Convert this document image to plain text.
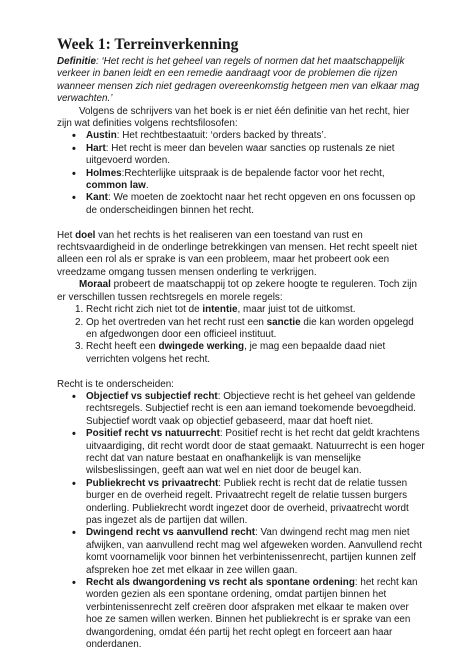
Week 1: Terreinverkenning

Definitie: ‘Het recht is het geheel van regels of normen dat het maatschappelijk verkeer in banen leidt en een remedie aandraagt voor de problemen die rijzen wanneer mensen zich niet gedragen overeenkomstig hetgeen men van elkaar mag verwachten.’

Volgens de schrijvers van het boek is er niet één definitie van het recht, hier zijn wat definities volgens rechtsfilosofen:

• Austin: Het rechtbestaatuit: ‘orders backed by threats’.
• Hart: Het recht is meer dan bevelen waar sancties op rustenals ze niet uitgevoerd worden.
• Holmes:Rechterlijke uitspraak is de bepalende factor voor het recht, common law.
• Kant: We moeten de zoektocht naar het recht opgeven en ons focussen op de onderscheidingen binnen het recht.

Het doel van het rechts is het realiseren van een toestand van rust en rechtsvaardigheid in de onderlinge betrekkingen van mensen. Het recht speelt niet alleen een rol als er sprake is van een probleem, maar het probeert ook een vreedzame omgang tussen mensen onderling te verkrijgen.

Moraal probeert de maatschappij tot op zekere hoogte te reguleren. Toch zijn er verschillen tussen rechtsregels en morele regels:

1. Recht richt zich niet tot de intentie, maar juist tot de uitkomst.
2. Op het overtreden van het recht rust een sanctie die kan worden opgelegd en afgedwongen door een officieel instituut.
3. Recht heeft een dwingede werking, je mag een bepaalde daad niet verrichten volgens het recht.

Recht is te onderscheiden:

• Objectief vs subjectief recht: Objectieve recht is het geheel van geldende rechtsregels. Subjectief recht is een aan iemand toekomende bevoegdheid. Subjectief wordt vaak op objectief gebaseerd, maar dat hoeft niet.
• Positief recht vs natuurrecht: Positief recht is het recht dat geldt krachtens uitvaardiging, dit recht wordt door de staat gemaakt. Natuurrecht is een hoger recht dat van nature bestaat en onafhankelijk is van menselijke wilsbeslissingen, geeft aan wat wel en niet door de beugel kan.
• Publiekrecht vs privaatrecht: Publiek recht is recht dat de relatie tussen burger en de overheid regelt. Privaatrecht regelt de relatie tussen burgers onderling. Publiekrecht wordt ingezet door de overheid, privaatrecht wordt pas ingezet als de partijen dat willen.
• Dwingend recht vs aanvullend recht: Van dwingend recht mag men niet afwijken, van aanvullend recht mag wel afgeweken worden. Aanvullend recht komt voornamelijk voor binnen het verbintenissenrecht, partijen kunnen zelf afspreken hoe zet met elkaar in zee willen gaan.
• Recht als dwangordening vs recht als spontane ordening: het recht kan worden gezien als een spontane ordening, omdat partijen binnen het verbintenissenrecht zelf creëren door afspraken met elkaar te maken over hoe ze samen willen werken. Binnen het publiekrecht is er sprake van een dwangordening, omdat één partij het recht oplegt en forceert aan haar onderdanen.
